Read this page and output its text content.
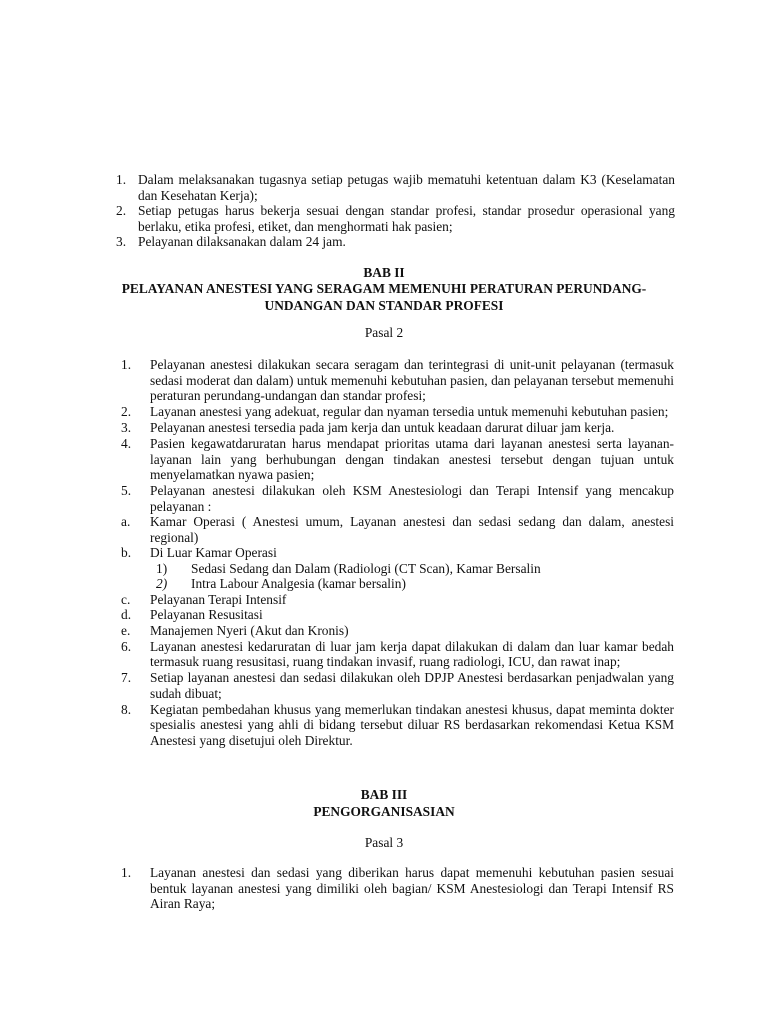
1. Dalam melaksanakan tugasnya setiap petugas wajib mematuhi ketentuan dalam K3 (Keselamatan dan Kesehatan Kerja);
2. Setiap petugas harus bekerja sesuai dengan standar profesi, standar prosedur operasional yang berlaku, etika profesi, etiket, dan menghormati hak pasien;
3. Pelayanan dilaksanakan dalam 24 jam.
BAB II
PELAYANAN ANESTESI YANG SERAGAM MEMENUHI PERATURAN PERUNDANG-UNDANGAN DAN STANDAR PROFESI
Pasal 2
1. Pelayanan anestesi dilakukan secara seragam dan terintegrasi di unit-unit pelayanan (termasuk sedasi moderat dan dalam) untuk memenuhi kebutuhan pasien, dan pelayanan tersebut memenuhi peraturan perundang-undangan dan standar profesi;
2. Layanan anestesi yang adekuat, regular dan nyaman tersedia untuk memenuhi kebutuhan pasien;
3. Pelayanan anestesi tersedia pada jam kerja dan untuk keadaan darurat diluar jam kerja.
4. Pasien kegawatdaruratan harus mendapat prioritas utama dari layanan anestesi serta layanan-layanan lain yang berhubungan dengan tindakan anestesi tersebut dengan tujuan untuk menyelamatkan nyawa pasien;
5. Pelayanan anestesi dilakukan oleh KSM Anestesiologi dan Terapi Intensif yang mencakup pelayanan :
a. Kamar Operasi ( Anestesi umum, Layanan anestesi dan sedasi sedang dan dalam, anestesi regional)
b. Di Luar Kamar Operasi
1) Sedasi Sedang dan Dalam (Radiologi (CT Scan), Kamar Bersalin
2) Intra Labour Analgesia (kamar bersalin)
c. Pelayanan Terapi Intensif
d. Pelayanan Resusitasi
e. Manajemen Nyeri (Akut dan Kronis)
6. Layanan anestesi kedaruratan di luar jam kerja dapat dilakukan di dalam dan luar kamar bedah termasuk ruang resusitasi, ruang tindakan invasif, ruang radiologi, ICU, dan rawat inap;
7. Setiap layanan anestesi dan sedasi dilakukan oleh DPJP Anestesi berdasarkan penjadwalan yang sudah dibuat;
8. Kegiatan pembedahan khusus yang memerlukan tindakan anestesi khusus, dapat meminta dokter spesialis anestesi yang ahli di bidang tersebut diluar RS berdasarkan rekomendasi Ketua KSM Anestesi yang disetujui oleh Direktur.
BAB III
PENGORGANISASIAN
Pasal 3
1. Layanan anestesi dan sedasi yang diberikan harus dapat memenuhi kebutuhan pasien sesuai bentuk layanan anestesi yang dimiliki oleh bagian/ KSM Anestesiologi dan Terapi Intensif RS Airan Raya;
